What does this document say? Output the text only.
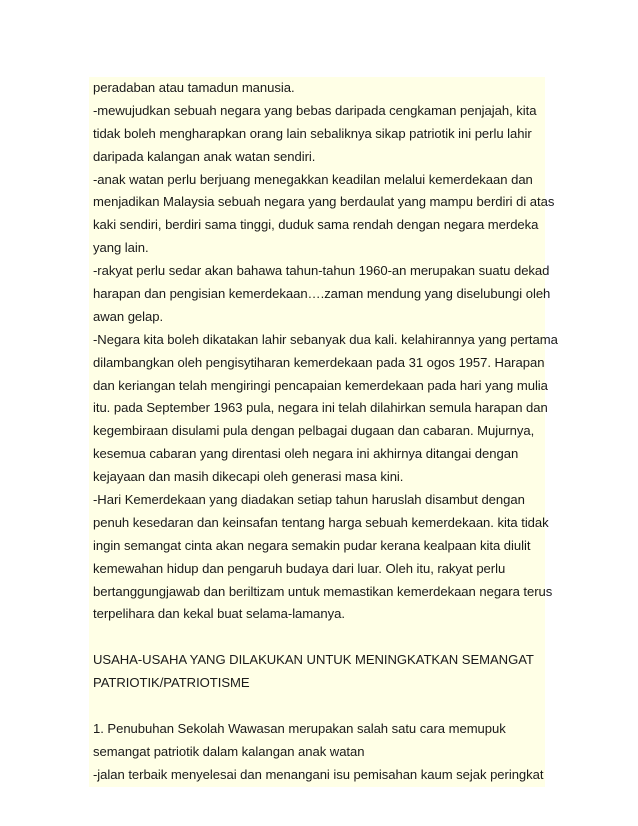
peradaban atau tamadun manusia.
-mewujudkan sebuah negara yang bebas daripada cengkaman penjajah, kita
tidak boleh mengharapkan orang lain sebaliknya sikap patriotik ini perlu lahir
daripada kalangan anak watan sendiri.
-anak watan perlu berjuang menegakkan keadilan melalui kemerdekaan dan
menjadikan Malaysia sebuah negara yang berdaulat yang mampu berdiri di atas
kaki sendiri, berdiri sama tinggi, duduk sama rendah dengan negara merdeka
yang lain.
-rakyat perlu sedar akan bahawa tahun-tahun 1960-an merupakan suatu dekad
harapan dan pengisian kemerdekaan….zaman mendung yang diselubungi oleh
awan gelap.
-Negara kita boleh dikatakan lahir sebanyak dua kali. kelahirannya yang pertama
dilambangkan oleh pengisytiharan kemerdekaan pada 31 ogos 1957. Harapan
dan keriangan telah mengiringi pencapaian kemerdekaan pada hari yang mulia
itu. pada September 1963 pula, negara ini telah dilahirkan semula harapan dan
kegembiraan disulami pula dengan pelbagai dugaan dan cabaran. Mujurnya,
kesemua cabaran yang direntasi oleh negara ini akhirnya ditangai dengan
kejayaan dan masih dikecapi oleh generasi masa kini.
-Hari Kemerdekaan yang diadakan setiap tahun haruslah disambut dengan
penuh kesedaran dan keinsafan tentang harga sebuah kemerdekaan. kita tidak
ingin semangat cinta akan negara semakin pudar kerana kealpaan kita diulit
kemewahan hidup dan pengaruh budaya dari luar. Oleh itu, rakyat perlu
bertanggungjawab dan beriltizam untuk memastikan kemerdekaan negara terus
terpelihara dan kekal buat selama-lamanya.
USAHA-USAHA YANG DILAKUKAN UNTUK MENINGKATKAN SEMANGAT
PATRIOTIK/PATRIOTISME
1. Penubuhan Sekolah Wawasan merupakan salah satu cara memupuk
semangat patriotik dalam kalangan anak watan
-jalan terbaik menyelesai dan menangani isu pemisahan kaum sejak peringkat
